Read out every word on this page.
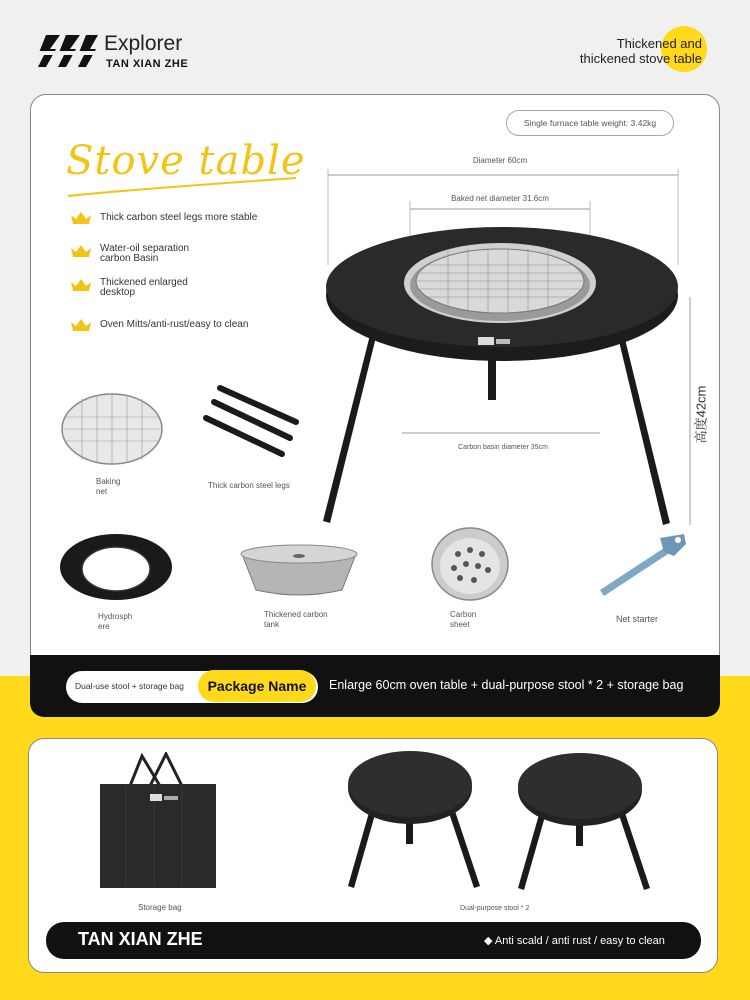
Explorer
TAN XIAN ZHE
Thickened and
thickened stove table
Stove table
Thick carbon steel legs more stable
Water-oil separation
carbon Basin
Thickened enlarged
desktop
Oven Mitts/anti-rust/easy to clean
Single furnace table weight: 3.42kg
Diameter 60cm
Baked net diameter 31.6cm
Carbon basin diameter 35cm
高度42cm
Baking
net
Thick carbon steel legs
Hydrosph
ere
Thickened carbon
tank
Carbon
sheet
Net starter
Dual-use stool + storage bag	Package Name	Enlarge 60cm oven table + dual-purpose stool * 2 + storage bag
Storage bag	Dual-purpose stool * 2
TAN XIAN ZHE	◆ Anti scald / anti rust / easy to clean
